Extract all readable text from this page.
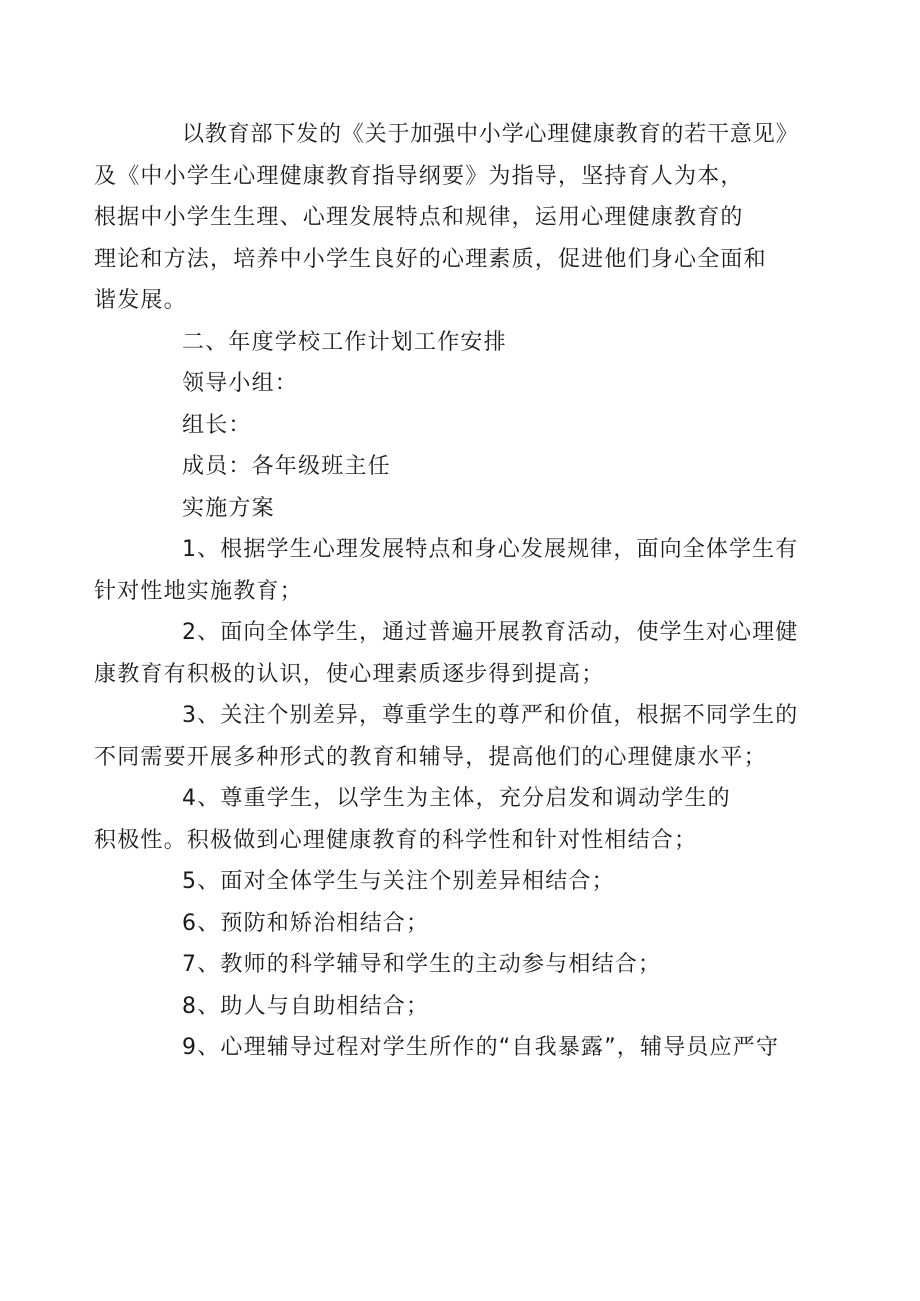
以教育部下发的《关于加强中小学心理健康教育的若干意见》
及《中小学生心理健康教育指导纲要》为指导，坚持育人为本，
根据中小学生生理、心理发展特点和规律，运用心理健康教育的
理论和方法，培养中小学生良好的心理素质，促进他们身心全面和
谐发展。

二、年度学校工作计划工作安排

领导小组：

组长：

成员：各年级班主任

实施方案

1、根据学生心理发展特点和身心发展规律，面向全体学生有
针对性地实施教育；

2、面向全体学生，通过普遍开展教育活动，使学生对心理健
康教育有积极的认识，使心理素质逐步得到提高；

3、关注个别差异，尊重学生的尊严和价值，根据不同学生的
不同需要开展多种形式的教育和辅导，提高他们的心理健康水平；

4、尊重学生，以学生为主体，充分启发和调动学生的
积极性。积极做到心理健康教育的科学性和针对性相结合；

5、面对全体学生与关注个别差异相结合；

6、预防和矫治相结合；

7、教师的科学辅导和学生的主动参与相结合；

8、助人与自助相结合；

9、心理辅导过程对学生所作的“自我暴露”，辅导员应严守
